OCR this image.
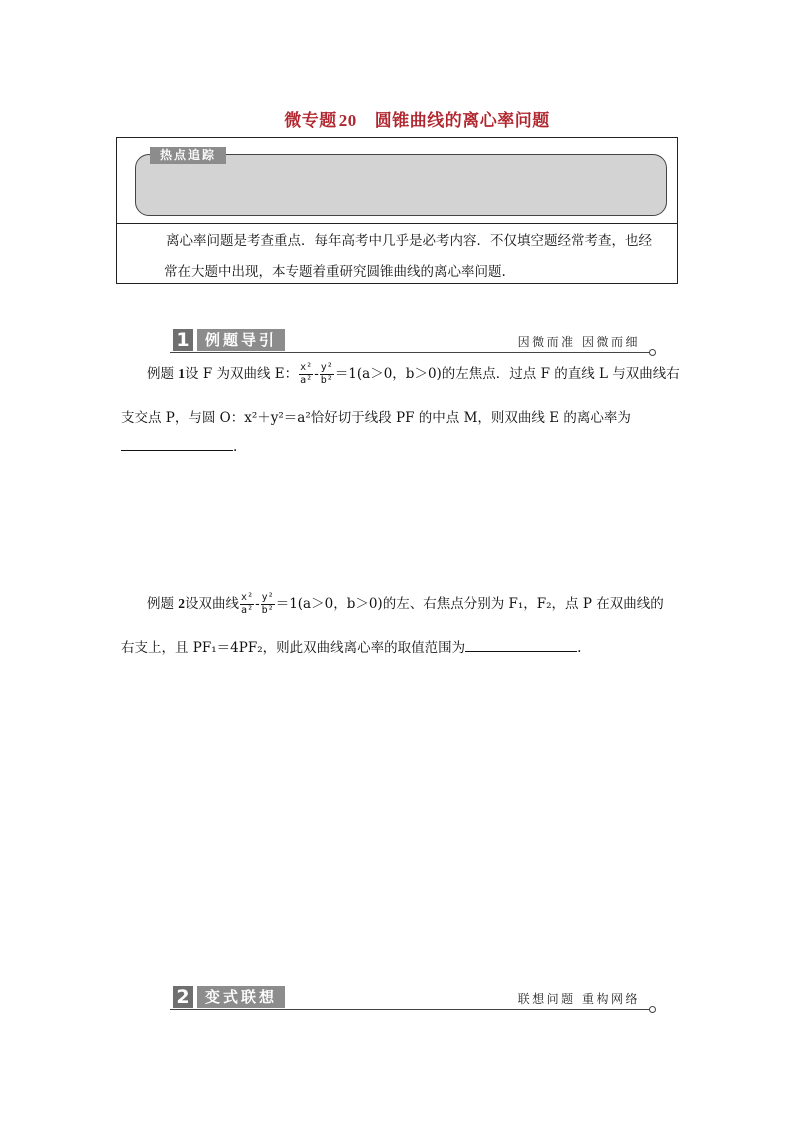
微专题 20 圆锥曲线的离心率问题
热点追踪

离心率问题是考查重点．每年高考中几乎是必考内容．不仅填空题经常考查，也经

常在大题中出现，本专题着重研究圆锥曲线的离心率问题.

1	例题导引	因微而准 因微而细
例题 1设 F 为双曲线 E： $\frac{\text{x²}}{\text{a²}} - \frac{\text{y²}}{\text{b²}} =1(a>0$，b＞0)的左焦点．过点 F 的直线 L 与双曲线右
支交点 P，与圆 O：x²＋y²＝a²恰好切于线段 PF 的中点 M，则双曲线 E 的离心率为
.
例题 2设双曲线 $\frac{\text{x²}}{\text{a²}} - \frac{\text{y²}}{\text{b²}} =1(a>0$，b＞0)的左、右焦点分别为 F₁，F₂，点 P 在双曲线的
右支上，且 PF₁＝4PF₂，则此双曲线离心率的取值范围为	.
2	变式联想	联想问题 重构网络
